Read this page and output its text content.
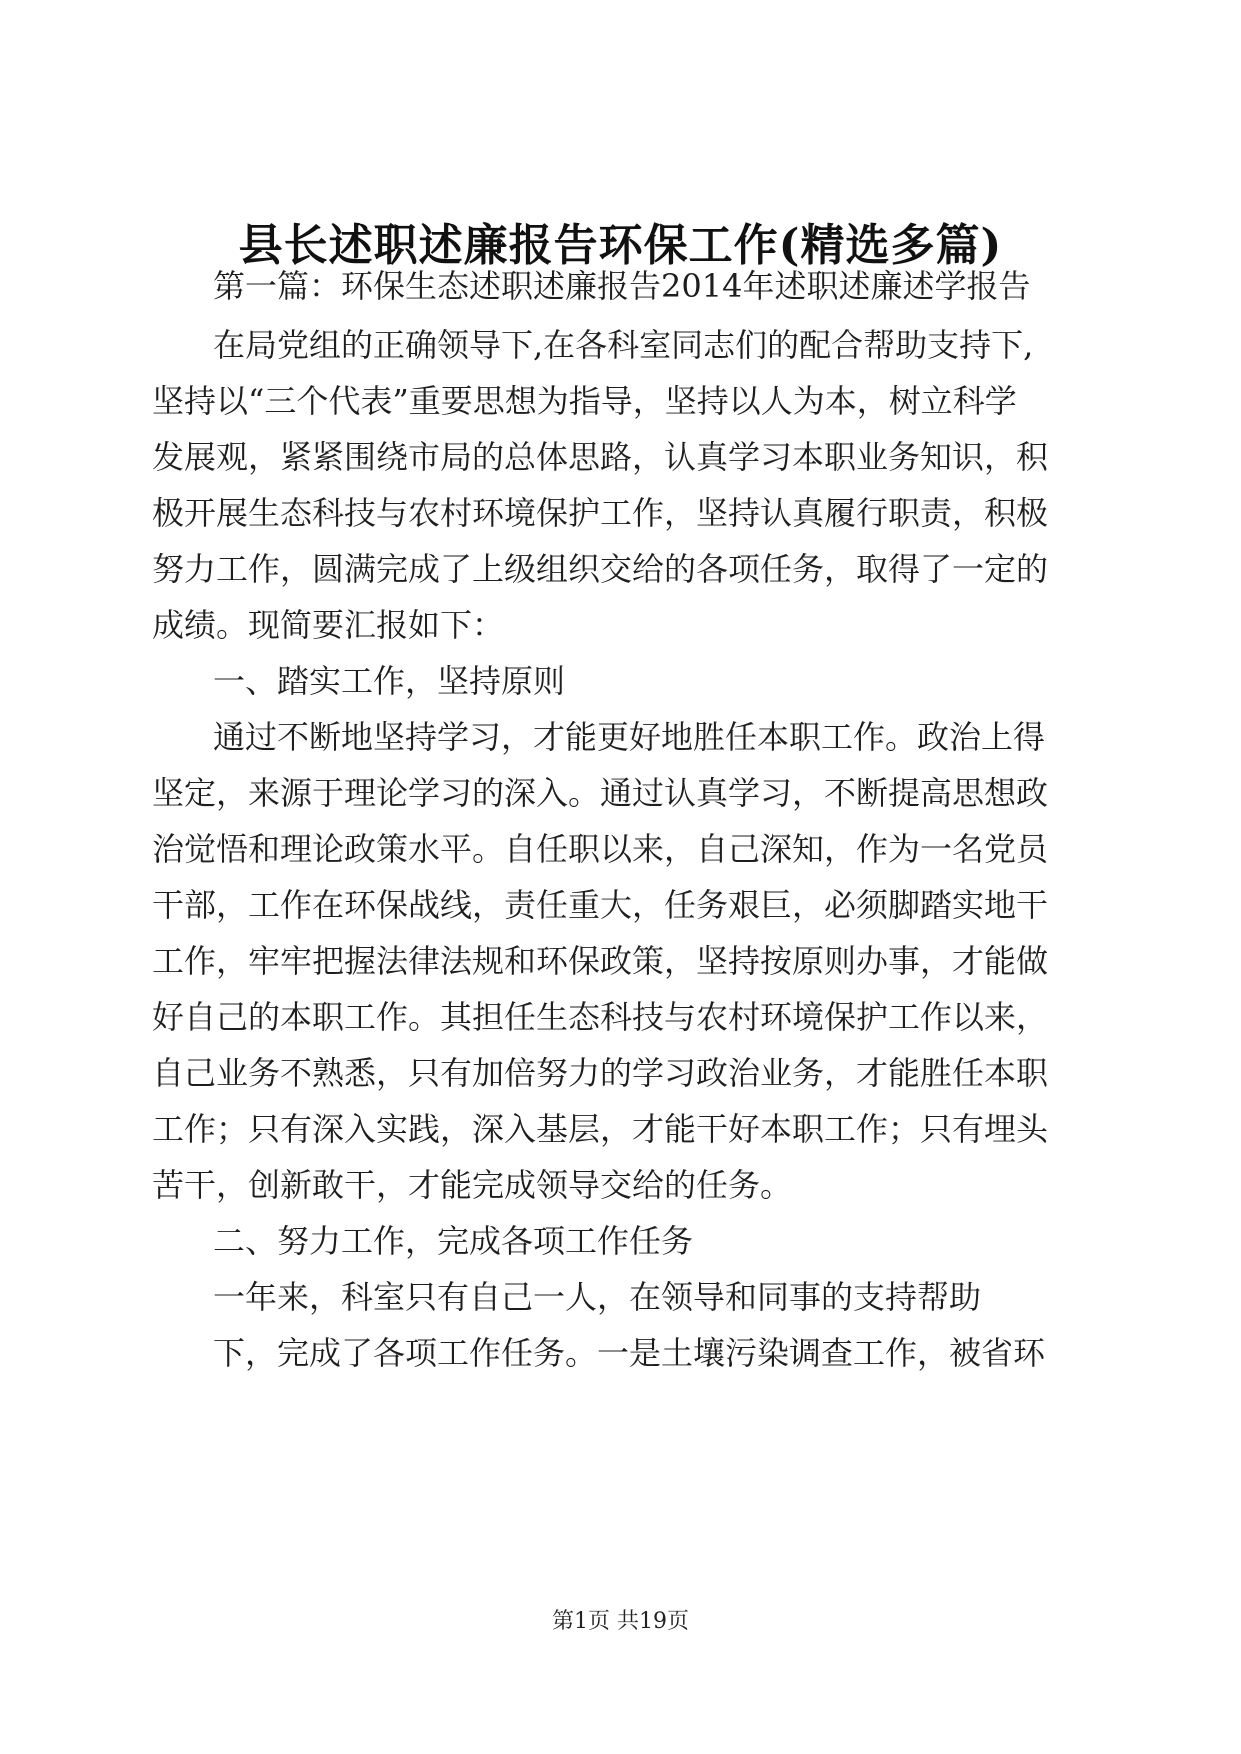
县长述职述廉报告环保工作(精选多篇)
第一篇：环保生态述职述廉报告2014年述职述廉述学报告
在局党组的正确领导下,在各科室同志们的配合帮助支持下,
坚持以“三个代表”重要思想为指导，坚持以人为本，树立科学
发展观，紧紧围绕市局的总体思路，认真学习本职业务知识，积
极开展生态科技与农村环境保护工作，坚持认真履行职责，积极
努力工作，圆满完成了上级组织交给的各项任务，取得了一定的
成绩。现简要汇报如下：
一、踏实工作，坚持原则
通过不断地坚持学习，才能更好地胜任本职工作。政治上得
坚定，来源于理论学习的深入。通过认真学习，不断提高思想政
治觉悟和理论政策水平。自任职以来，自己深知，作为一名党员
干部，工作在环保战线，责任重大，任务艰巨，必须脚踏实地干
工作，牢牢把握法律法规和环保政策，坚持按原则办事，才能做
好自己的本职工作。其担任生态科技与农村环境保护工作以来，
自己业务不熟悉，只有加倍努力的学习政治业务，才能胜任本职
工作；只有深入实践，深入基层，才能干好本职工作；只有埋头
苦干，创新敢干，才能完成领导交给的任务。
二、努力工作，完成各项工作任务
一年来，科室只有自己一人，在领导和同事的支持帮助
下，完成了各项工作任务。一是土壤污染调查工作，被省环
第1页 共19页
